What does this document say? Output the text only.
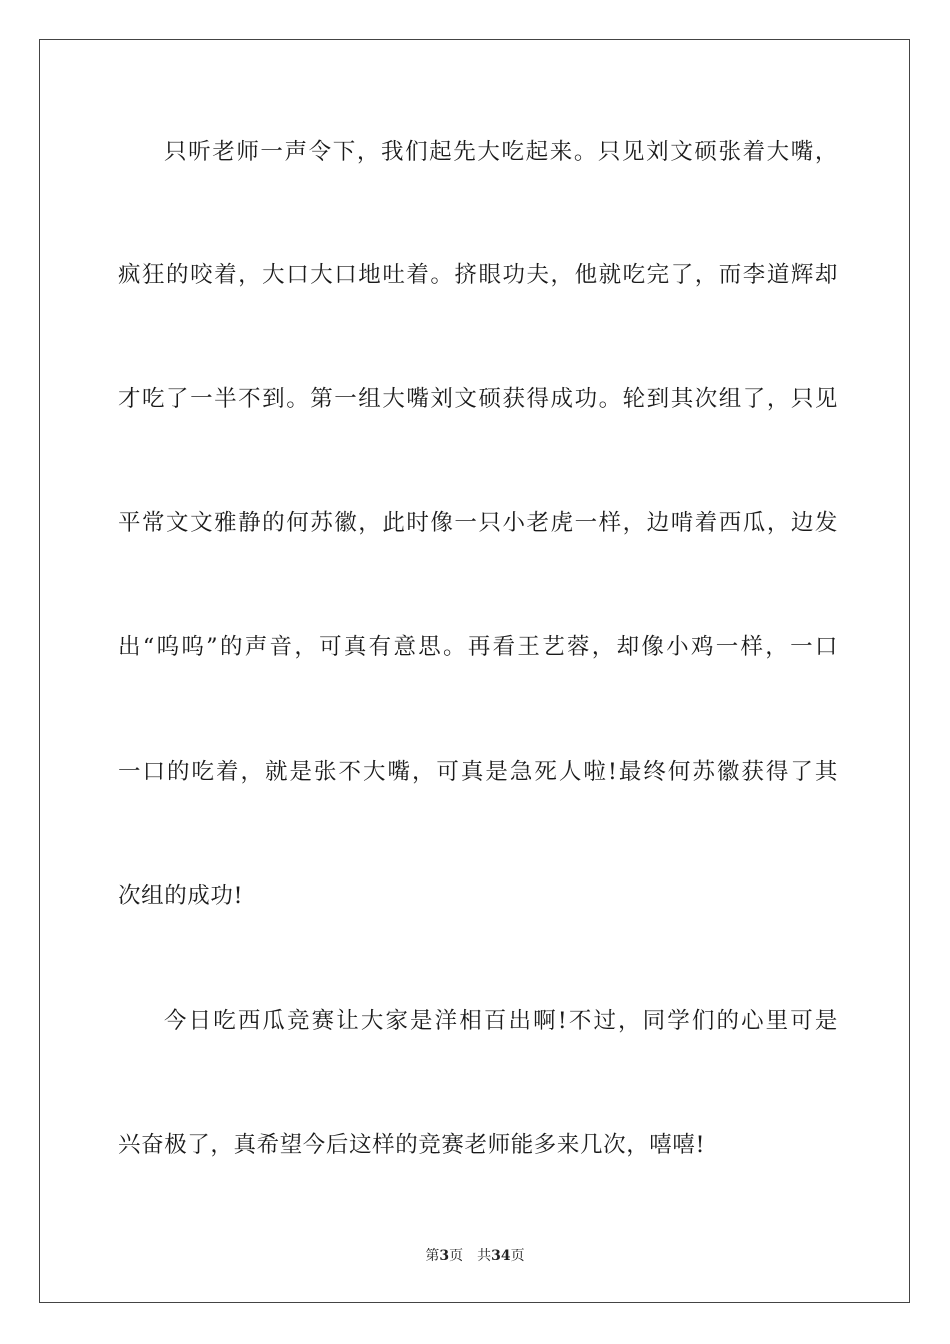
只听老师一声令下，我们起先大吃起来。只见刘文硕张着大嘴，
疯狂的咬着，大口大口地吐着。挤眼功夫，他就吃完了，而李道辉却
才吃了一半不到。第一组大嘴刘文硕获得成功。轮到其次组了，只见
平常文文雅静的何苏徽，此时像一只小老虎一样，边啃着西瓜，边发
出“呜呜”的声音，可真有意思。再看王艺蓉，却像小鸡一样，一口
一口的吃着，就是张不大嘴，可真是急死人啦!最终何苏徽获得了其
次组的成功!
今日吃西瓜竞赛让大家是洋相百出啊!不过，同学们的心里可是
兴奋极了，真希望今后这样的竞赛老师能多来几次，嘻嘻!
第3页 共34页
